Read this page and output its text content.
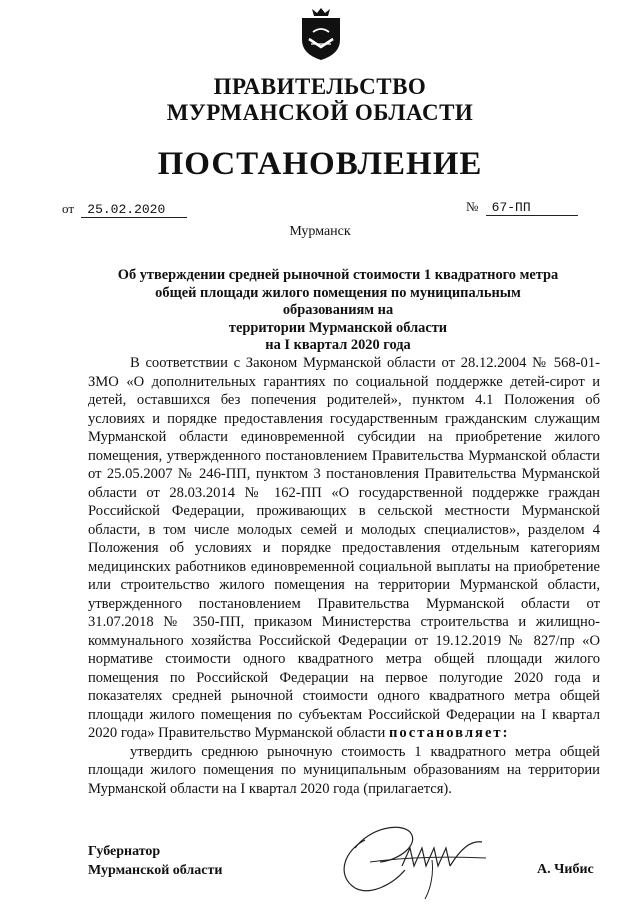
ПРАВИТЕЛЬСТВО
МУРМАНСКОЙ ОБЛАСТИ
ПОСТАНОВЛЕНИЕ
от 25.02.2020	№ 67-ПП
Мурманск
Об утверждении средней рыночной стоимости 1 квадратного метра
общей площади жилого помещения по муниципальным образованиям на
территории Мурманской области
на I квартал 2020 года

В соответствии с Законом Мурманской области от 28.12.2004 № 568-01-ЗМО «О дополнительных гарантиях по социальной поддержке детей-сирот и детей, оставшихся без попечения родителей», пунктом 4.1 Положения об условиях и порядке предоставления государственным гражданским служащим Мурманской области единовременной субсидии на приобретение жилого помещения, утвержденного постановлением Правительства Мурманской области от 25.05.2007 № 246-ПП, пунктом 3 постановления Правительства Мурманской области от 28.03.2014 № 162-ПП «О государственной поддержке граждан Российской Федерации, проживающих в сельской местности Мурманской области, в том числе молодых семей и молодых специалистов», разделом 4 Положения об условиях и порядке предоставления отдельным категориям медицинских работников единовременной социальной выплаты на приобретение или строительство жилого помещения на территории Мурманской области, утвержденного постановлением Правительства Мурманской области от 31.07.2018 № 350-ПП, приказом Министерства строительства и жилищно-коммунального хозяйства Российской Федерации от 19.12.2019 № 827/пр «О нормативе стоимости одного квадратного метра общей площади жилого помещения по Российской Федерации на первое полугодие 2020 года и показателях средней рыночной стоимости одного квадратного метра общей площади жилого помещения по субъектам Российской Федерации на I квартал 2020 года» Правительство Мурманской области постановляет:

утвердить среднюю рыночную стоимость 1 квадратного метра общей площади жилого помещения по муниципальным образованиям на территории Мурманской области на I квартал 2020 года (прилагается).

Губернатор
Мурманской области	А. Чибис
